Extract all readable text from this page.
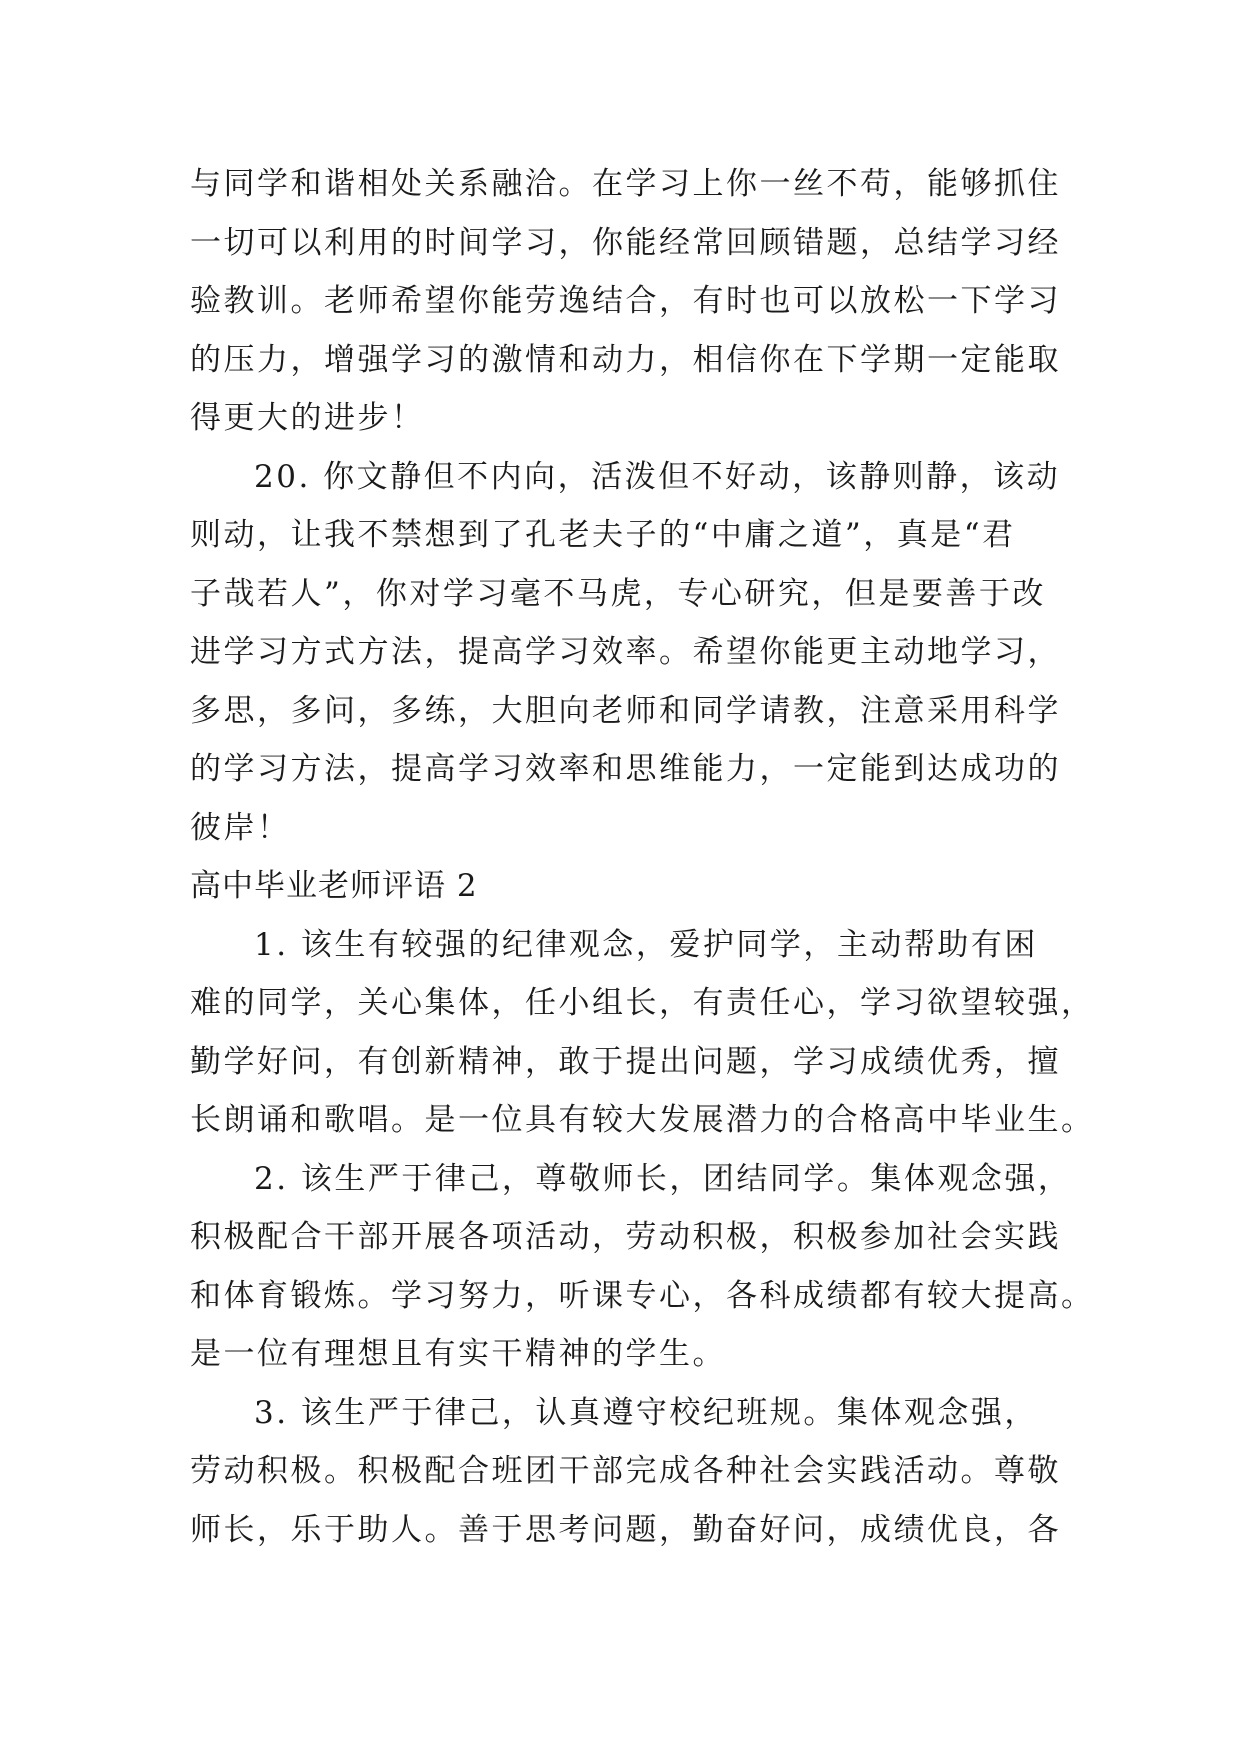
与同学和谐相处关系融洽。在学习上你一丝不苟，能够抓住
一切可以利用的时间学习，你能经常回顾错题，总结学习经
验教训。老师希望你能劳逸结合，有时也可以放松一下学习
的压力，增强学习的激情和动力，相信你在下学期一定能取
得更大的进步！
20. 你文静但不内向，活泼但不好动，该静则静，该动
则动，让我不禁想到了孔老夫子的“中庸之道”，真是“君
子哉若人”，你对学习毫不马虎，专心研究，但是要善于改
进学习方式方法，提高学习效率。希望你能更主动地学习，
多思，多问，多练，大胆向老师和同学请教，注意采用科学
的学习方法，提高学习效率和思维能力，一定能到达成功的
彼岸！
高中毕业老师评语 2
1. 该生有较强的纪律观念，爱护同学，主动帮助有困
难的同学，关心集体，任小组长，有责任心，学习欲望较强，
勤学好问，有创新精神，敢于提出问题，学习成绩优秀，擅
长朗诵和歌唱。是一位具有较大发展潜力的合格高中毕业生。
2. 该生严于律己，尊敬师长，团结同学。集体观念强，
积极配合干部开展各项活动，劳动积极，积极参加社会实践
和体育锻炼。学习努力，听课专心，各科成绩都有较大提高。
是一位有理想且有实干精神的学生。
3. 该生严于律己，认真遵守校纪班规。集体观念强，
劳动积极。积极配合班团干部完成各种社会实践活动。尊敬
师长，乐于助人。善于思考问题，勤奋好问，成绩优良，各
